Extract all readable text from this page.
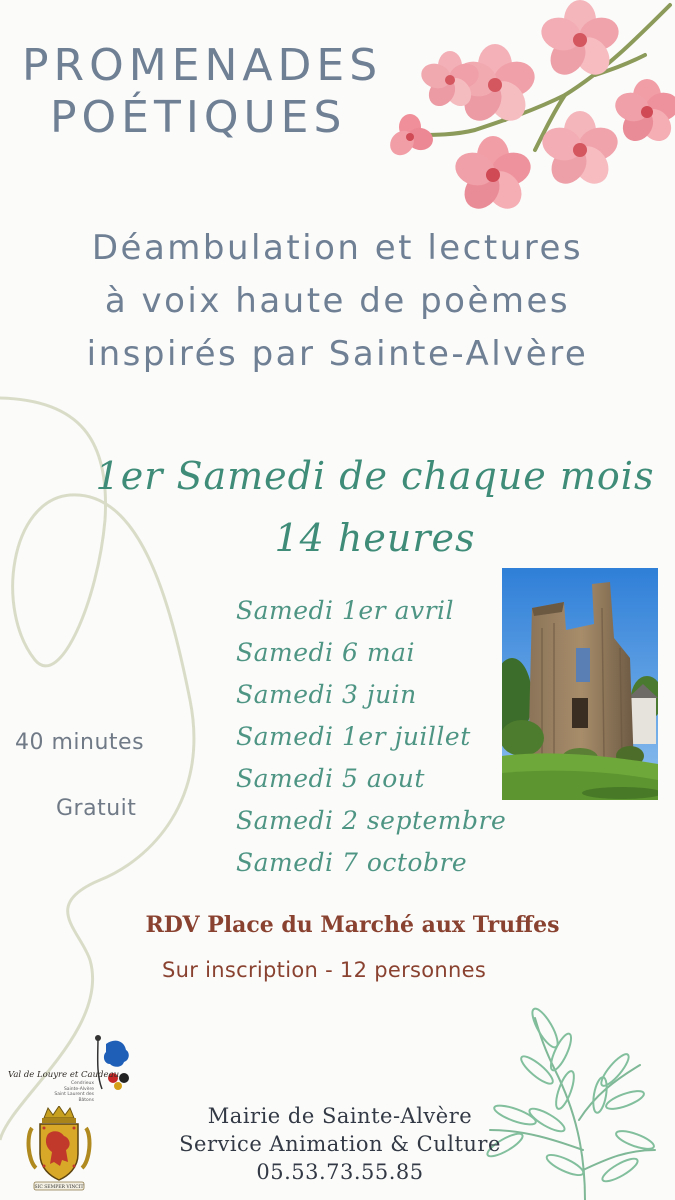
PROMENADES
POÉTIQUES
Déambulation et lectures
à voix haute de poèmes
inspirés par Sainte-Alvère
1er Samedi de chaque mois
14 heures
Samedi 1er avril
Samedi 6 mai
Samedi 3 juin
Samedi 1er juillet
Samedi 5 aout
Samedi 2 septembre
Samedi 7 octobre
40 minutes
Gratuit
RDV Place du Marché aux Truffes
Sur inscription - 12 personnes
Val de Louyre et Caudeau
Cendrieux
Sainte-Alvère
Saint Laurent des Bâtons
SIC SEMPER VINCIT
Mairie de Sainte-Alvère
Service Animation & Culture
05.53.73.55.85
